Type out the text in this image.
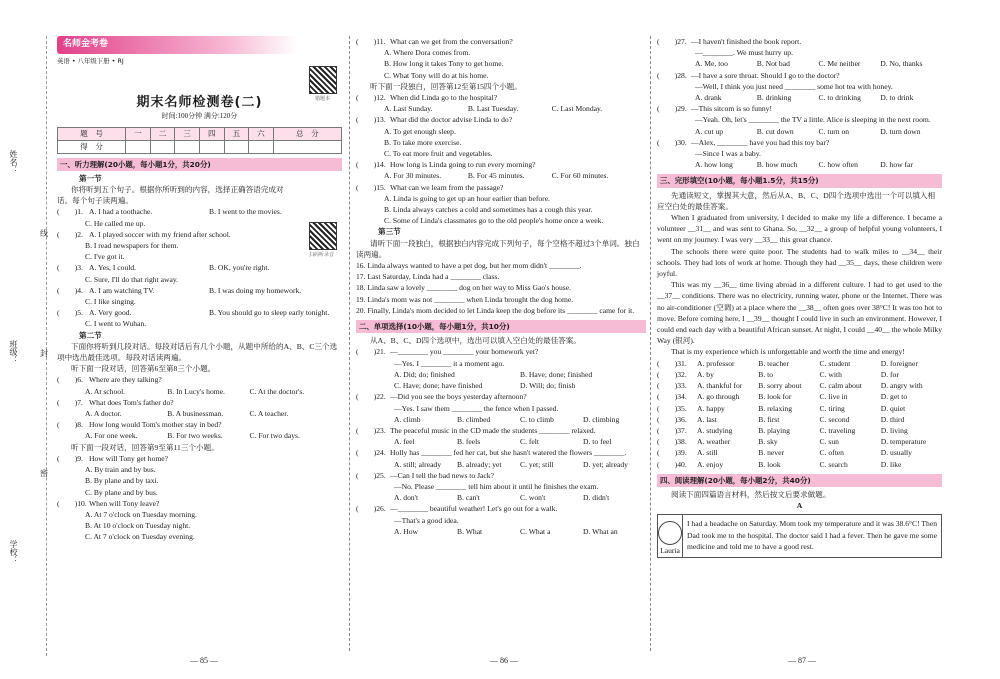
姓名：
班级：
学校：
线
封
密
名师金考卷
英语 • 八年级下册 • RJ
错题本
期末名师检测卷(二)
时间:100分钟 满分:120分
题　号	一	二	三	四	五	六	总　分
得　分							
一、听力理解(20小题，每小题1分，共20分)
扫码听录音
第一节
你将听到五个句子。根据你所听到的内容，选择正确答语完成对话。每个句子读两遍。
(　　)1. A. I had a toothache.	B. I went to the movies.
C. He called me up.
(　　)2. A. I played soccer with my friend after school.
B. I read newspapers for them.
C. I've got it.
(　　)3. A. Yes, I could.	B. OK, you're right.
C. Sure, I'll do that right away.
(　　)4. A. I am watching TV.	B. I was doing my homework.
C. I like singing.
(　　)5. A. Very good.	B. You should go to sleep early tonight.
C. I went to Wuhan.
第二节
下面你将听到几段对话。每段对话后有几个小题，从题中所给的A、B、C三个选项中选出最佳选项。每段对话读两遍。
听下面一段对话，回答第6至第8三个小题。
(　　)6. Where are they talking?
A. At school.	B. In Lucy's home.	C. At the doctor's.
(　　)7. What does Tom's father do?
A. A doctor.	B. A businessman.	C. A teacher.
(　　)8. How long would Tom's mother stay in bed?
A. For one week.	B. For two weeks.	C. For two days.
听下面一段对话，回答第9至第11三个小题。
(　　)9. How will Tony get home?
A. By train and by bus.
B. By plane and by taxi.
C. By plane and by bus.
(　　)10. When will Tony leave?
A. At 7 o'clock on Tuesday morning.
B. At 10 o'clock on Tuesday night.
C. At 7 o'clock on Tuesday evening.
(　　)11. What can we get from the conversation?
A. Where Dora comes from.
B. How long it takes Tony to get home.
C. What Tony will do at his home.
听下面一段独白，回答第12至第15四个小题。
(　　)12. When did Linda go to the hospital?
A. Last Sunday.	B. Last Tuesday.	C. Last Monday.
(　　)13. What did the doctor advise Linda to do?
A. To get enough sleep.
B. To take more exercise.
C. To eat more fruit and vegetables.
(　　)14. How long is Linda going to run every morning?
A. For 30 minutes.	B. For 45 minutes.	C. For 60 minutes.
(　　)15. What can we learn from the passage?
A. Linda is going to get up an hour earlier than before.
B. Linda always catches a cold and sometimes has a cough this year.
C. Some of Linda's classmates go to the old people's home once a week.
第三节
请听下面一段独白，根据独白内容完成下列句子，每个空格不超过3个单词。独白读两遍。
16. Linda always wanted to have a pet dog, but her mom didn't ________.
17. Last Saturday, Linda had a ________ class.
18. Linda saw a lovely ________ dog on her way to Miss Gao's house.
19. Linda's mom was not ________ when Linda brought the dog home.
20. Finally, Linda's mom decided to let Linda keep the dog before its ________ came for it.
二、单项选择(10小题，每小题1分，共10分)
从A、B、C、D四个选项中，选出可以填入空白处的最佳答案。
(　　)21. —________ you ________ your homework yet?
—Yes. I ________ it a moment ago.
A. Did; do; finished	B. Have; done; finished
C. Have; done; have finished	D. Will; do; finish
(　　)22. —Did you see the boys yesterday afternoon?
—Yes. I saw them ________ the fence when I passed.
A. climb	B. climbed	C. to climb	D. climbing
(　　)23. The peaceful music in the CD made the students ________ relaxed.
A. feel	B. feels	C. felt	D. to feel
(　　)24. Holly has ________ fed her cat, but she hasn't watered the flowers ________.
A. still; already	B. already; yet	C. yet; still	D. yet; already
(　　)25. —Can I tell the bad news to Jack?
—No. Please ________ tell him about it until he finishes the exam.
A. don't	B. can't	C. won't	D. didn't
(　　)26. —________ beautiful weather! Let's go out for a walk.
—That's a good idea.
A. How	B. What	C. What a	D. What an
(　　)27. —I haven't finished the book report.
—________. We must hurry up.
A. Me, too	B. Not bad	C. Me neither	D. No, thanks
(　　)28. —I have a sore throat. Should I go to the doctor?
—Well, I think you just need ________ some hot tea with honey.
A. drank	B. drinking	C. to drinking	D. to drink
(　　)29. —This sitcom is so funny!
—Yeah. Oh, let's ________ the TV a little. Alice is sleeping in the next room.
A. cut up	B. cut down	C. turn on	D. turn down
(　　)30. —Alex, ________ have you had this toy bar?
—Since I was a baby.
A. how long	B. how much	C. how often	D. how far
三、完形填空(10小题，每小题1.5分，共15分)
先通读短文，掌握其大意，然后从A、B、C、D四个选项中选出一个可以填入相应空白处的最佳答案。
When I graduated from university, I decided to make my life a difference. I became a volunteer __31__ and was sent to Ghana. So, __32__ a group of helpful young volunteers, I went on my journey. I was very __33__ this great chance.
The schools there were quite poor. The students had to walk miles to __34__ their schools. They had lots of work at home. Though they had __35__ days, these children were joyful.
This was my __36__ time living abroad in a different culture. I had to get used to the __37__ conditions. There was no electricity, running water, phone or the Internet. There was no air-conditioner (空调) at a place where the __38__ often goes over 38°C! It was too hot to move. Before coming here, I __39__ thought I could live in such an environment. However, I could end each day with a beautiful African sunset. At night, I could __40__ the whole Milky Way (银河).
That is my experience which is unforgettable and worth the time and energy!
(　　)31.	A. professor	B. teacher	C. student	D. foreigner
(　　)32.	A. by	B. to	C. with	D. for
(　　)33.	A. thankful for	B. sorry about	C. calm about	D. angry with
(　　)34.	A. go through	B. look for	C. live in	D. get to
(　　)35.	A. happy	B. relaxing	C. tiring	D. quiet
(　　)36.	A. last	B. first	C. second	D. third
(　　)37.	A. studying	B. playing	C. traveling	D. living
(　　)38.	A. weather	B. sky	C. sun	D. temperature
(　　)39.	A. still	B. never	C. often	D. usually
(　　)40.	A. enjoy	B. look	C. search	D. like
四、阅读理解(20小题，每小题2分，共40分)
阅读下面四篇语言材料，然后按文后要求做题。
A
Lauria
I had a headache on Saturday. Mom took my temperature and it was 38.6°C! Then Dad took me to the hospital. The doctor said I had a fever. Then he gave me some medicine and told me to have a good rest.
— 85 —	— 86 —	— 87 —
